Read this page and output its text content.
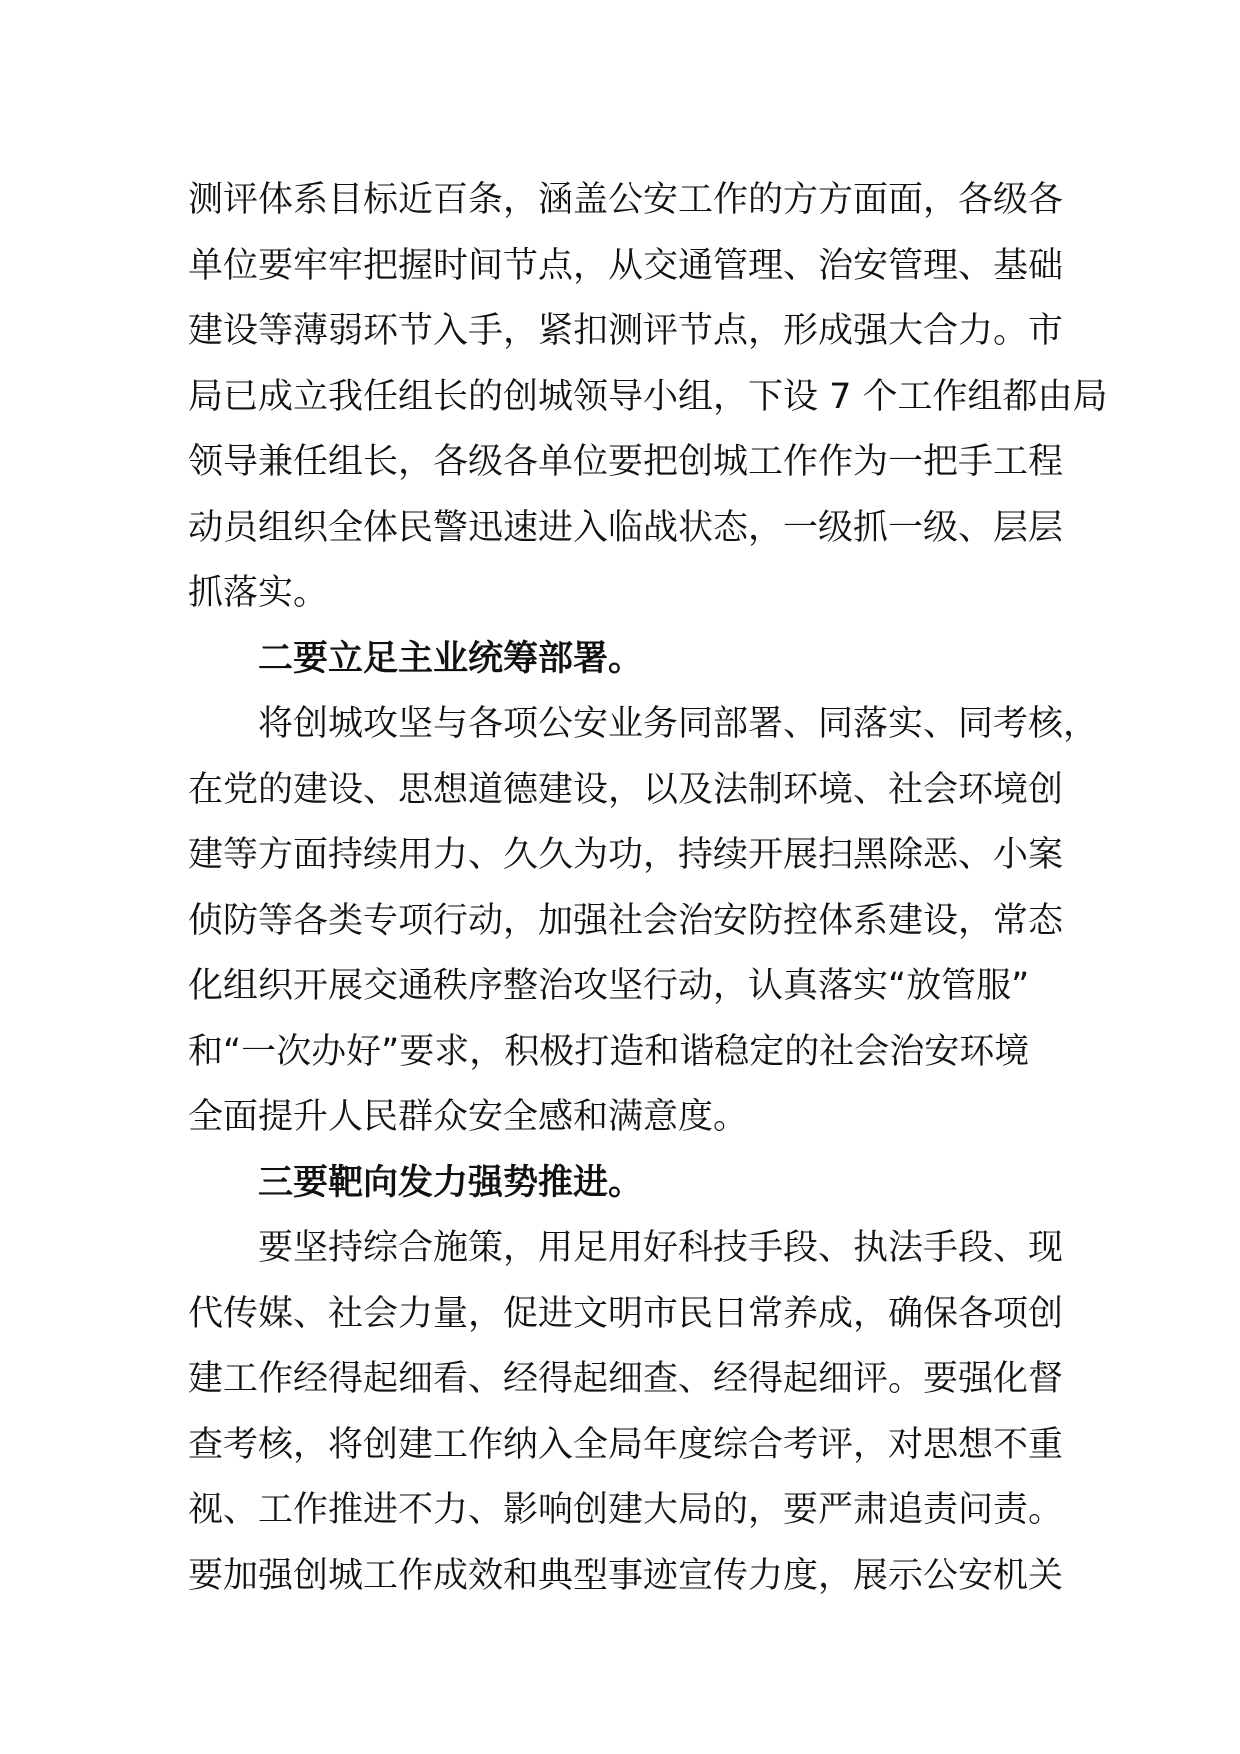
测评体系目标近百条，涵盖公安工作的方方面面，各级各
单位要牢牢把握时间节点，从交通管理、治安管理、基础
建设等薄弱环节入手，紧扣测评节点，形成强大合力。市
局已成立我任组长的创城领导小组，下设 7 个工作组都由局
领导兼任组长，各级各单位要把创城工作作为一把手工程
动员组织全体民警迅速进入临战状态，一级抓一级、层层
抓落实。
二要立足主业统筹部署。
将创城攻坚与各项公安业务同部署、同落实、同考核，
在党的建设、思想道德建设，以及法制环境、社会环境创
建等方面持续用力、久久为功，持续开展扫黑除恶、小案
侦防等各类专项行动，加强社会治安防控体系建设，常态
化组织开展交通秩序整治攻坚行动，认真落实“放管服”
和“一次办好”要求，积极打造和谐稳定的社会治安环境
全面提升人民群众安全感和满意度。
三要靶向发力强势推进。
要坚持综合施策，用足用好科技手段、执法手段、现
代传媒、社会力量，促进文明市民日常养成，确保各项创
建工作经得起细看、经得起细查、经得起细评。要强化督
查考核，将创建工作纳入全局年度综合考评，对思想不重
视、工作推进不力、影响创建大局的，要严肃追责问责。
要加强创城工作成效和典型事迹宣传力度，展示公安机关
